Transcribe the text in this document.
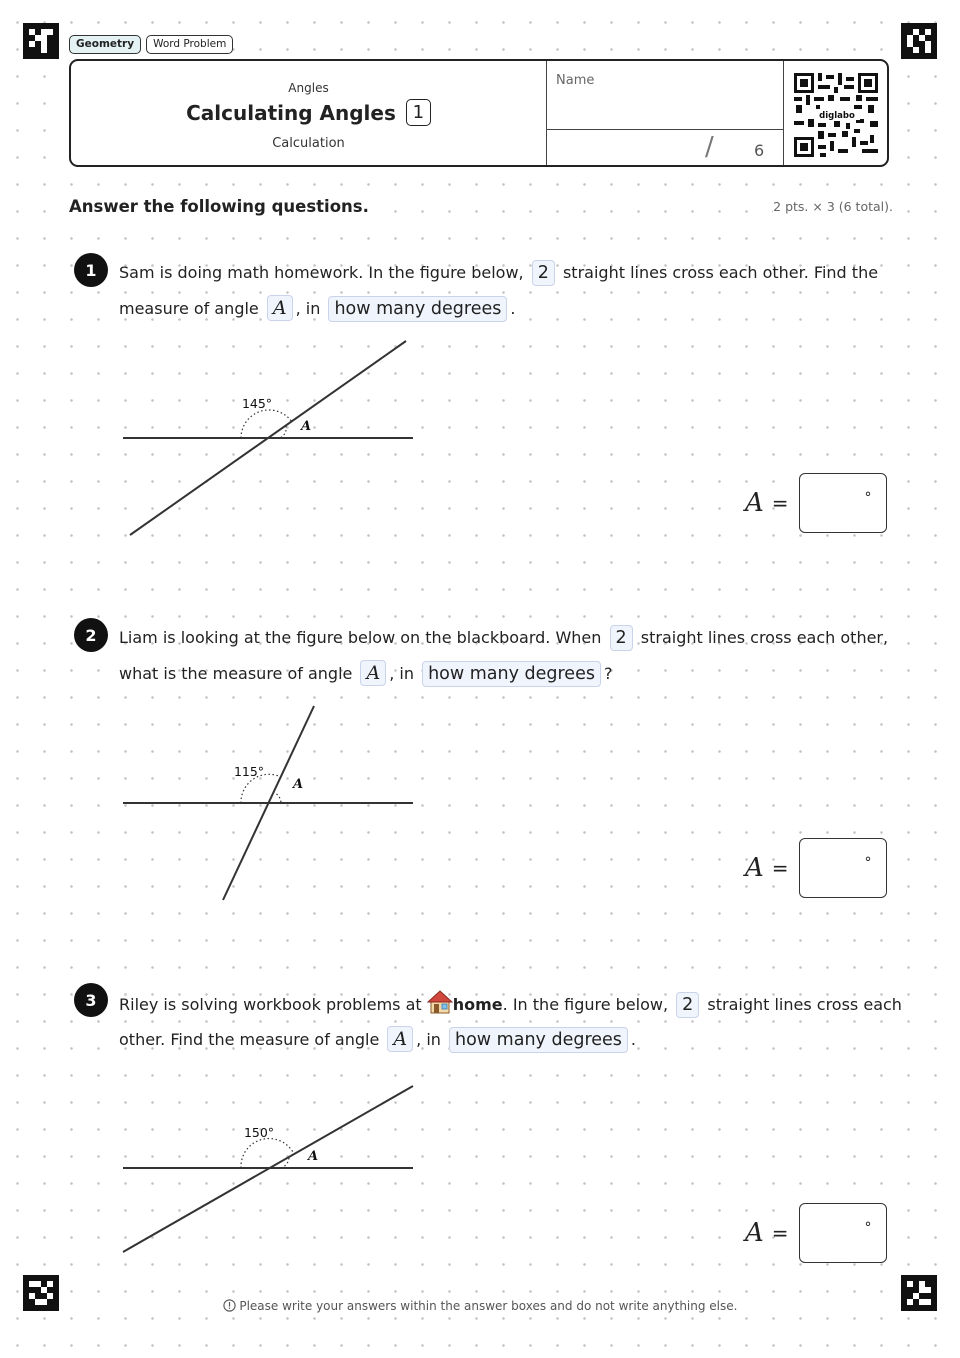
Geometry	Word Problem
Angles
Calculating Angles 1
Calculation
Name
/	6
diglabo
Answer the following questions.	2 pts. × 3 (6 total).
1	Sam is doing math homework. In the figure below, 2 straight lines cross each other. Find the
measure of angle A , in how many degrees .
145°
A
A =	°
2	Liam is looking at the figure below on the blackboard. When 2 straight lines cross each other,
what is the measure of angle A , in how many degrees ?
115°
A
A =	°
3	Riley is solving workbook problems at home. In the figure below, 2 straight lines cross each
other. Find the measure of angle A , in how many degrees .
150°
A
A =	°
Please write your answers within the answer boxes and do not write anything else.
